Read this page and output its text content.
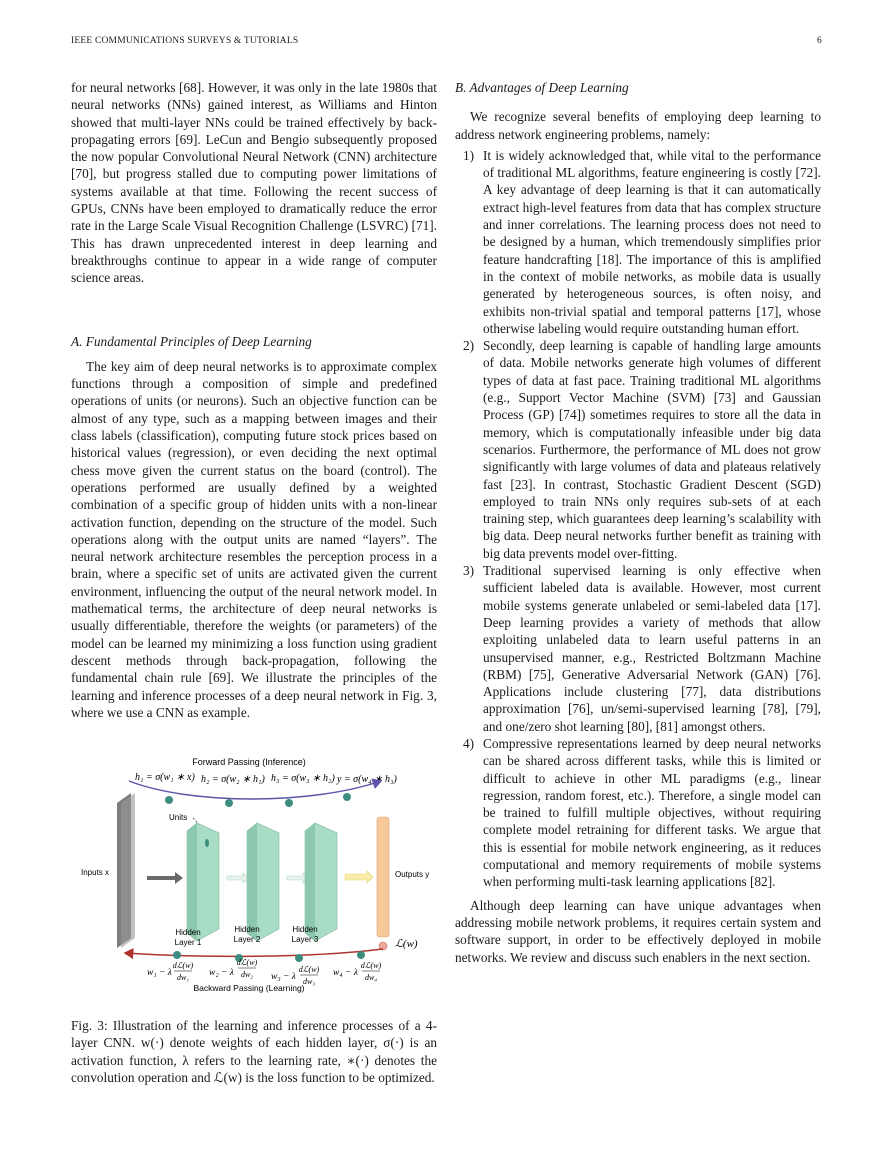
IEEE COMMUNICATIONS SURVEYS & TUTORIALS	6

for neural networks [68]. However, it was only in the late 1980s that neural networks (NNs) gained interest, as Williams and Hinton showed that multi-layer NNs could be trained effectively by back-propagating errors [69]. LeCun and Bengio subsequently proposed the now popular Convolutional Neural Network (CNN) architecture [70], but progress stalled due to computing power limitations of systems available at that time. Following the recent success of GPUs, CNNs have been employed to dramatically reduce the error rate in the Large Scale Visual Recognition Challenge (LSVRC) [71]. This has drawn unprecedented interest in deep learning and breakthroughs continue to appear in a wide range of computer science areas.

A. Fundamental Principles of Deep Learning

The key aim of deep neural networks is to approximate complex functions through a composition of simple and predefined operations of units (or neurons). Such an objective function can be almost of any type, such as a mapping between images and their class labels (classification), computing future stock prices based on historical values (regression), or even deciding the next optimal chess move given the current status on the board (control). The operations performed are usually defined by a weighted combination of a specific group of hidden units with a non-linear activation function, depending on the structure of the model. Such operations along with the output units are named “layers”. The neural network architecture resembles the perception process in a brain, where a specific set of units are activated given the current environment, influencing the output of the neural network model. In mathematical terms, the architecture of deep neural networks is usually differentiable, therefore the weights (or parameters) of the model can be learned my minimizing a loss function using gradient descent methods through back-propagation, following the fundamental chain rule [69]. We illustrate the principles of the learning and inference processes of a deep neural network in Fig. 3, where we use a CNN as example.

Forward Passing (Inference)
h₁ = σ(w₁ ∗ x) h₂ = σ(w₂ ∗ h₁) h₃ = σ(w₃ ∗ h₂) y = σ(w₄ ∗ h₃)
Units
Inputs x	Outputs y
ℒ(w)
Hidden
Layer 1
Hidden
Layer 2
Hidden
Layer 3
w₁ − λ
dℒ(w)
dw₁ w₂ − λ
dℒ(w)
dw₂ w₃ − λ
dℒ(w)
dw₃
w₄ − λ
dℒ(w)
dw₄
Backward Passing (Learning)

Fig. 3: Illustration of the learning and inference processes of a 4-layer CNN. w(·) denote weights of each hidden layer, σ(·) is an activation function, λ refers to the learning rate, ∗(·) denotes the convolution operation and ℒ(w) is the loss function to be optimized.

B. Advantages of Deep Learning

We recognize several benefits of employing deep learning to address network engineering problems, namely:

1) It is widely acknowledged that, while vital to the performance of traditional ML algorithms, feature engineering is costly [72]. A key advantage of deep learning is that it can automatically extract high-level features from data that has complex structure and inner correlations. The learning process does not need to be designed by a human, which tremendously simplifies prior feature handcrafting [18]. The importance of this is amplified in the context of mobile networks, as mobile data is usually generated by heterogeneous sources, is often noisy, and exhibits non-trivial spatial and temporal patterns [17], whose otherwise labeling would require outstanding human effort.
2) Secondly, deep learning is capable of handling large amounts of data. Mobile networks generate high volumes of different types of data at fast pace. Training traditional ML algorithms (e.g., Support Vector Machine (SVM) [73] and Gaussian Process (GP) [74]) sometimes requires to store all the data in memory, which is computationally infeasible under big data scenarios. Furthermore, the performance of ML does not grow significantly with large volumes of data and plateaus relatively fast [23]. In contrast, Stochastic Gradient Descent (SGD) employed to train NNs only requires sub-sets of at each training step, which guarantees deep learning’s scalability with big data. Deep neural networks further benefit as training with big data prevents model over-fitting.
3) Traditional supervised learning is only effective when sufficient labeled data is available. However, most current mobile systems generate unlabeled or semi-labeled data [17]. Deep learning provides a variety of methods that allow exploiting unlabeled data to learn useful patterns in an unsupervised manner, e.g., Restricted Boltzmann Machine (RBM) [75], Generative Adversarial Network (GAN) [76]. Applications include clustering [77], data distributions approximation [76], un/semi-supervised learning [78], [79], and one/zero shot learning [80], [81] amongst others.
4) Compressive representations learned by deep neural networks can be shared across different tasks, while this is limited or difficult to achieve in other ML paradigms (e.g., linear regression, random forest, etc.). Therefore, a single model can be trained to fulfill multiple objectives, without requiring complete model retraining for different tasks. We argue that this is essential for mobile network engineering, as it reduces computational and memory requirements of mobile systems when performing multi-task learning applications [82].

Although deep learning can have unique advantages when addressing mobile network problems, it requires certain system and software support, in order to be effectively deployed in mobile networks. We review and discuss such enablers in the next section.
